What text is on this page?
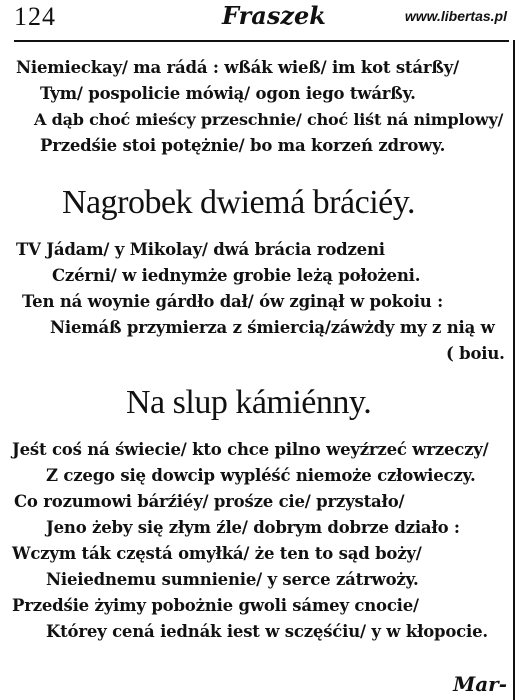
124	Fraszek	www.libertas.pl
Niemieckay/ ma rádá : wßák wieß/ im kot stárßy/
Tym/ pospolicie mówią/ ogon iego twárßy.
A dąb choć mieścy przeschnie/ choć liśt ná nimplowy/
Przedśie stoi potężnie/ bo ma korzeń zdrowy.
Nagrobek dwiemá bráciéy.
TV Jádam/ y Mikolay/ dwá brácia rodzeni
Czérni/ w iednymże grobie leżą położeni.
Ten ná woynie gárdło dał/ ów zginął w pokoiu :
Niemáß przymierza z śmiercią/záwżdy my z nią w
( boiu.
Na slup kámiénny.
Jeśt coś ná świecie/ kto chce pilno weyźrzeć wrzeczy/
Z czego się dowcip wypléść niemoże człowieczy.
Co rozumowi bárźiéy/ prośze cie/ przystało/
Jeno żeby się złym źle/ dobrym dobrze działo :
Wczym ták częstá omyłká/ że ten to sąd boży/
Nieiednemu sumnienie/ y serce zátrwoży.
Przedśie żyimy pobożnie gwoli sámey cnocie/
Którey cená iednák iest w sczęśćiu/ y w kłopocie.
Mar-
